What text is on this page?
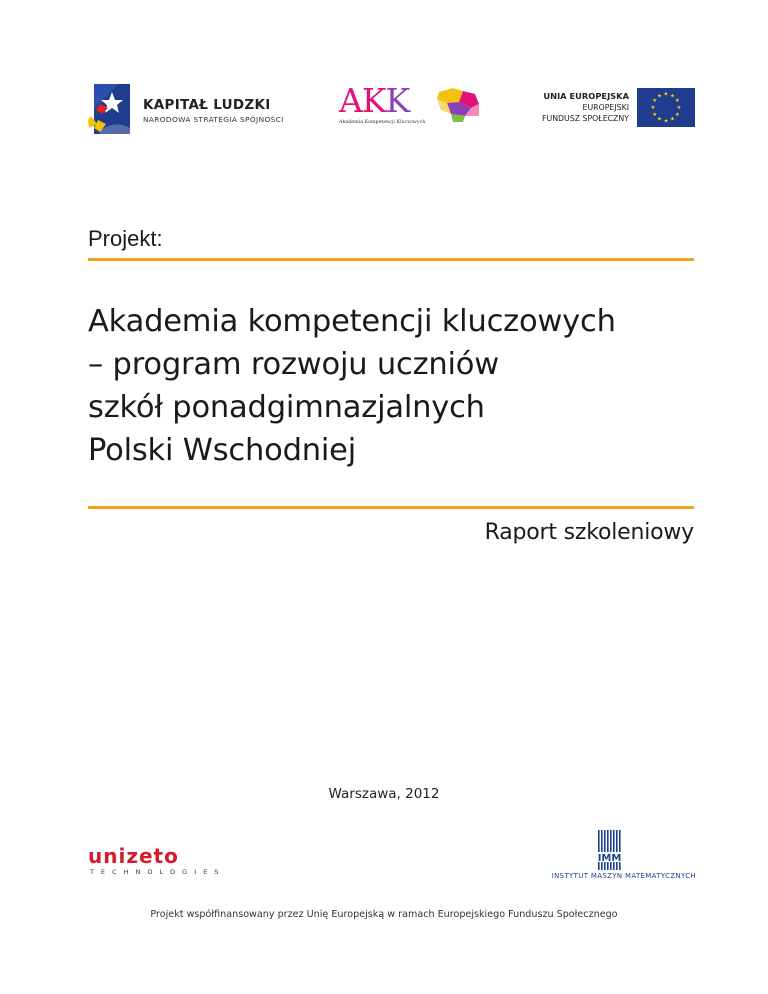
KAPITAŁ LUDZKI
NARODOWA STRATEGIA SPÓJNOŚCI AKK
Akademia Kompetencji Kluczowych
UNIA EUROPEJSKA
EUROPEJSKI
FUNDUSZ SPOŁECZNY
★ ★
★
★
★
★
★
★
★
★
★
★
Projekt:
Akademia kompetencji kluczowych
– program rozwoju uczniów
szkół ponadgimnazjalnych
Polski Wschodniej
Raport szkoleniowy
Warszawa, 2012
unizeto
TECHNOLOGIES
IMM
INSTYTUT MASZYN MATEMATYCZNYCH
Projekt współfinansowany przez Unię Europejską w ramach Europejskiego Funduszu Społecznego
